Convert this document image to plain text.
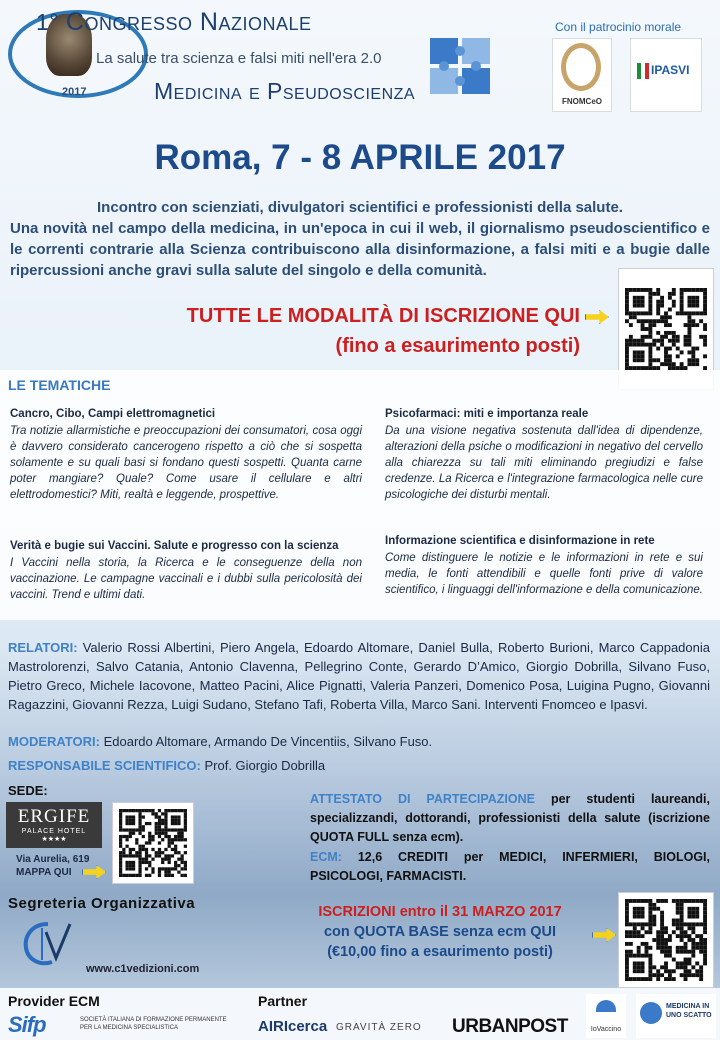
2017
1° Congresso Nazionale
La salute tra scienza e falsi miti nell'era 2.0
Medicina e Pseudoscienza
Con il patrocinio morale
FNOMCeO
IPASVI
Roma, 7 - 8 APRILE 2017
Incontro con scienziati, divulgatori scientifici e professionisti della salute.
Una novità nel campo della medicina, in un'epoca in cui il web, il giornalismo pseudoscientifico e le correnti contrarie alla Scienza contribuiscono alla disinformazione, a falsi miti e a bugie dalle ripercussioni anche gravi sulla salute del singolo e della comunità.
TUTTE LE MODALITÀ DI ISCRIZIONE QUI
(fino a esaurimento posti)
LE TEMATICHE
Cancro, Cibo, Campi elettromagnetici
Tra notizie allarmistiche e preoccupazioni dei consumatori, cosa oggi è davvero considerato cancerogeno rispetto a ciò che si sospetta solamente e su quali basi si fondano questi sospetti. Quanta carne poter mangiare? Quale? Come usare il cellulare e altri elettrodomestici? Miti, realtà e leggende, prospettive.
Psicofarmaci: miti e importanza reale
Da una visione negativa sostenuta dall'idea di dipendenze, alterazioni della psiche o modificazioni in negativo del cervello alla chiarezza su tali miti eliminando pregiudizi e false credenze. La Ricerca e l'integrazione farmacologica nelle cure psicologiche dei disturbi mentali.
Verità e bugie sui Vaccini. Salute e progresso con la scienza
I Vaccini nella storia, la Ricerca e le conseguenze della non vaccinazione. Le campagne vaccinali e i dubbi sulla pericolosità dei vaccini. Trend e ultimi dati.
Informazione scientifica e disinformazione in rete
Come distinguere le notizie e le informazioni in rete e sui media, le fonti attendibili e quelle fonti prive di valore scientifico, i linguaggi dell'informazione e della comunicazione.
RELATORI: Valerio Rossi Albertini, Piero Angela, Edoardo Altomare, Daniel Bulla, Roberto Burioni, Marco Cappadonia Mastrolorenzi, Salvo Catania, Antonio Clavenna, Pellegrino Conte, Gerardo D’Amico, Giorgio Dobrilla, Silvano Fuso, Pietro Greco, Michele Iacovone, Matteo Pacini, Alice Pignatti, Valeria Panzeri, Domenico Posa, Luigina Pugno, Giovanni Ragazzini, Giovanni Rezza, Luigi Sudano, Stefano Tafi, Roberta Villa, Marco Sani. Interventi Fnomceo e Ipasvi.
MODERATORI: Edoardo Altomare, Armando De Vincentiis, Silvano Fuso.
RESPONSABILE SCIENTIFICO: Prof. Giorgio Dobrilla
SEDE:
ERGIFE
PALACE HOTEL
★★★★
Via Aurelia, 619
MAPPA QUI
ATTESTATO DI PARTECIPAZIONE per studenti laureandi, specializzandi, dottorandi, professionisti della salute (iscrizione QUOTA FULL senza ecm).
ECM: 12,6 CREDITI per MEDICI, INFERMIERI, BIOLOGI, PSICOLOGI, FARMACISTI.
Segreteria Organizzativa
www.c1vedizioni.com
ISCRIZIONI entro il 31 MARZO 2017
con QUOTA BASE senza ecm QUI
(€10,00 fino a esaurimento posti)
Provider ECM
Sifp	SOCIETÀ ITALIANA DI FORMAZIONE PERMANENTE PER LA MEDICINA SPECIALISTICA
Partner
AIRIcerca GRAVITÀ ZERO URBANPOST	IoVaccino
MEDICINA IN UNO SCATTO
